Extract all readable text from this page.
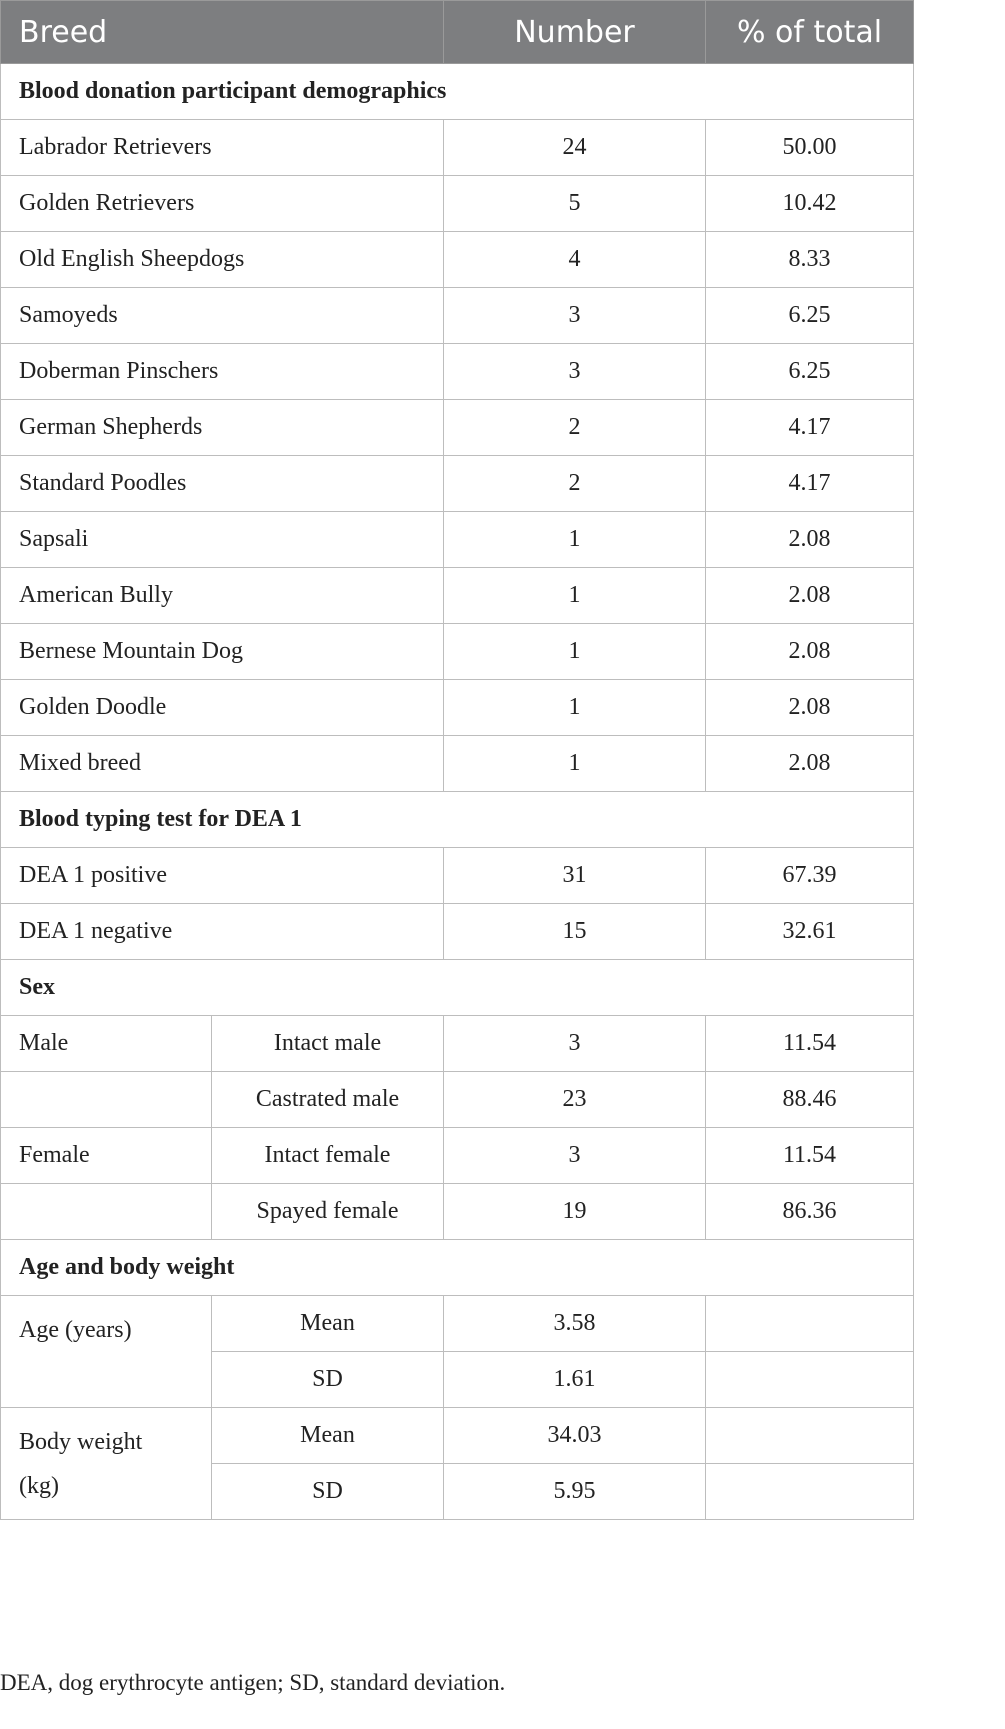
Breed		Number	% of total
Blood donation participant demographics			
Labrador Retrievers		24	50.00
Golden Retrievers		5	10.42
Old English Sheepdogs		4	8.33
Samoyeds		3	6.25
Doberman Pinschers		3	6.25
German Shepherds		2	4.17
Standard Poodles		2	4.17
Sapsali		1	2.08
American Bully		1	2.08
Bernese Mountain Dog		1	2.08
Golden Doodle		1	2.08
Mixed breed		1	2.08
Blood typing test for DEA 1			
DEA 1 positive		31	67.39
DEA 1 negative		15	32.61
Sex			
Male	Intact male	3	11.54
	Castrated male	23	88.46
Female	Intact female	3	11.54
	Spayed female	19	86.36
Age and body weight			
Age (years)	Mean	3.58	
	SD	1.61	
Body weight
(kg)	Mean	34.03	
	SD	5.95	
DEA, dog erythrocyte antigen; SD, standard deviation.
